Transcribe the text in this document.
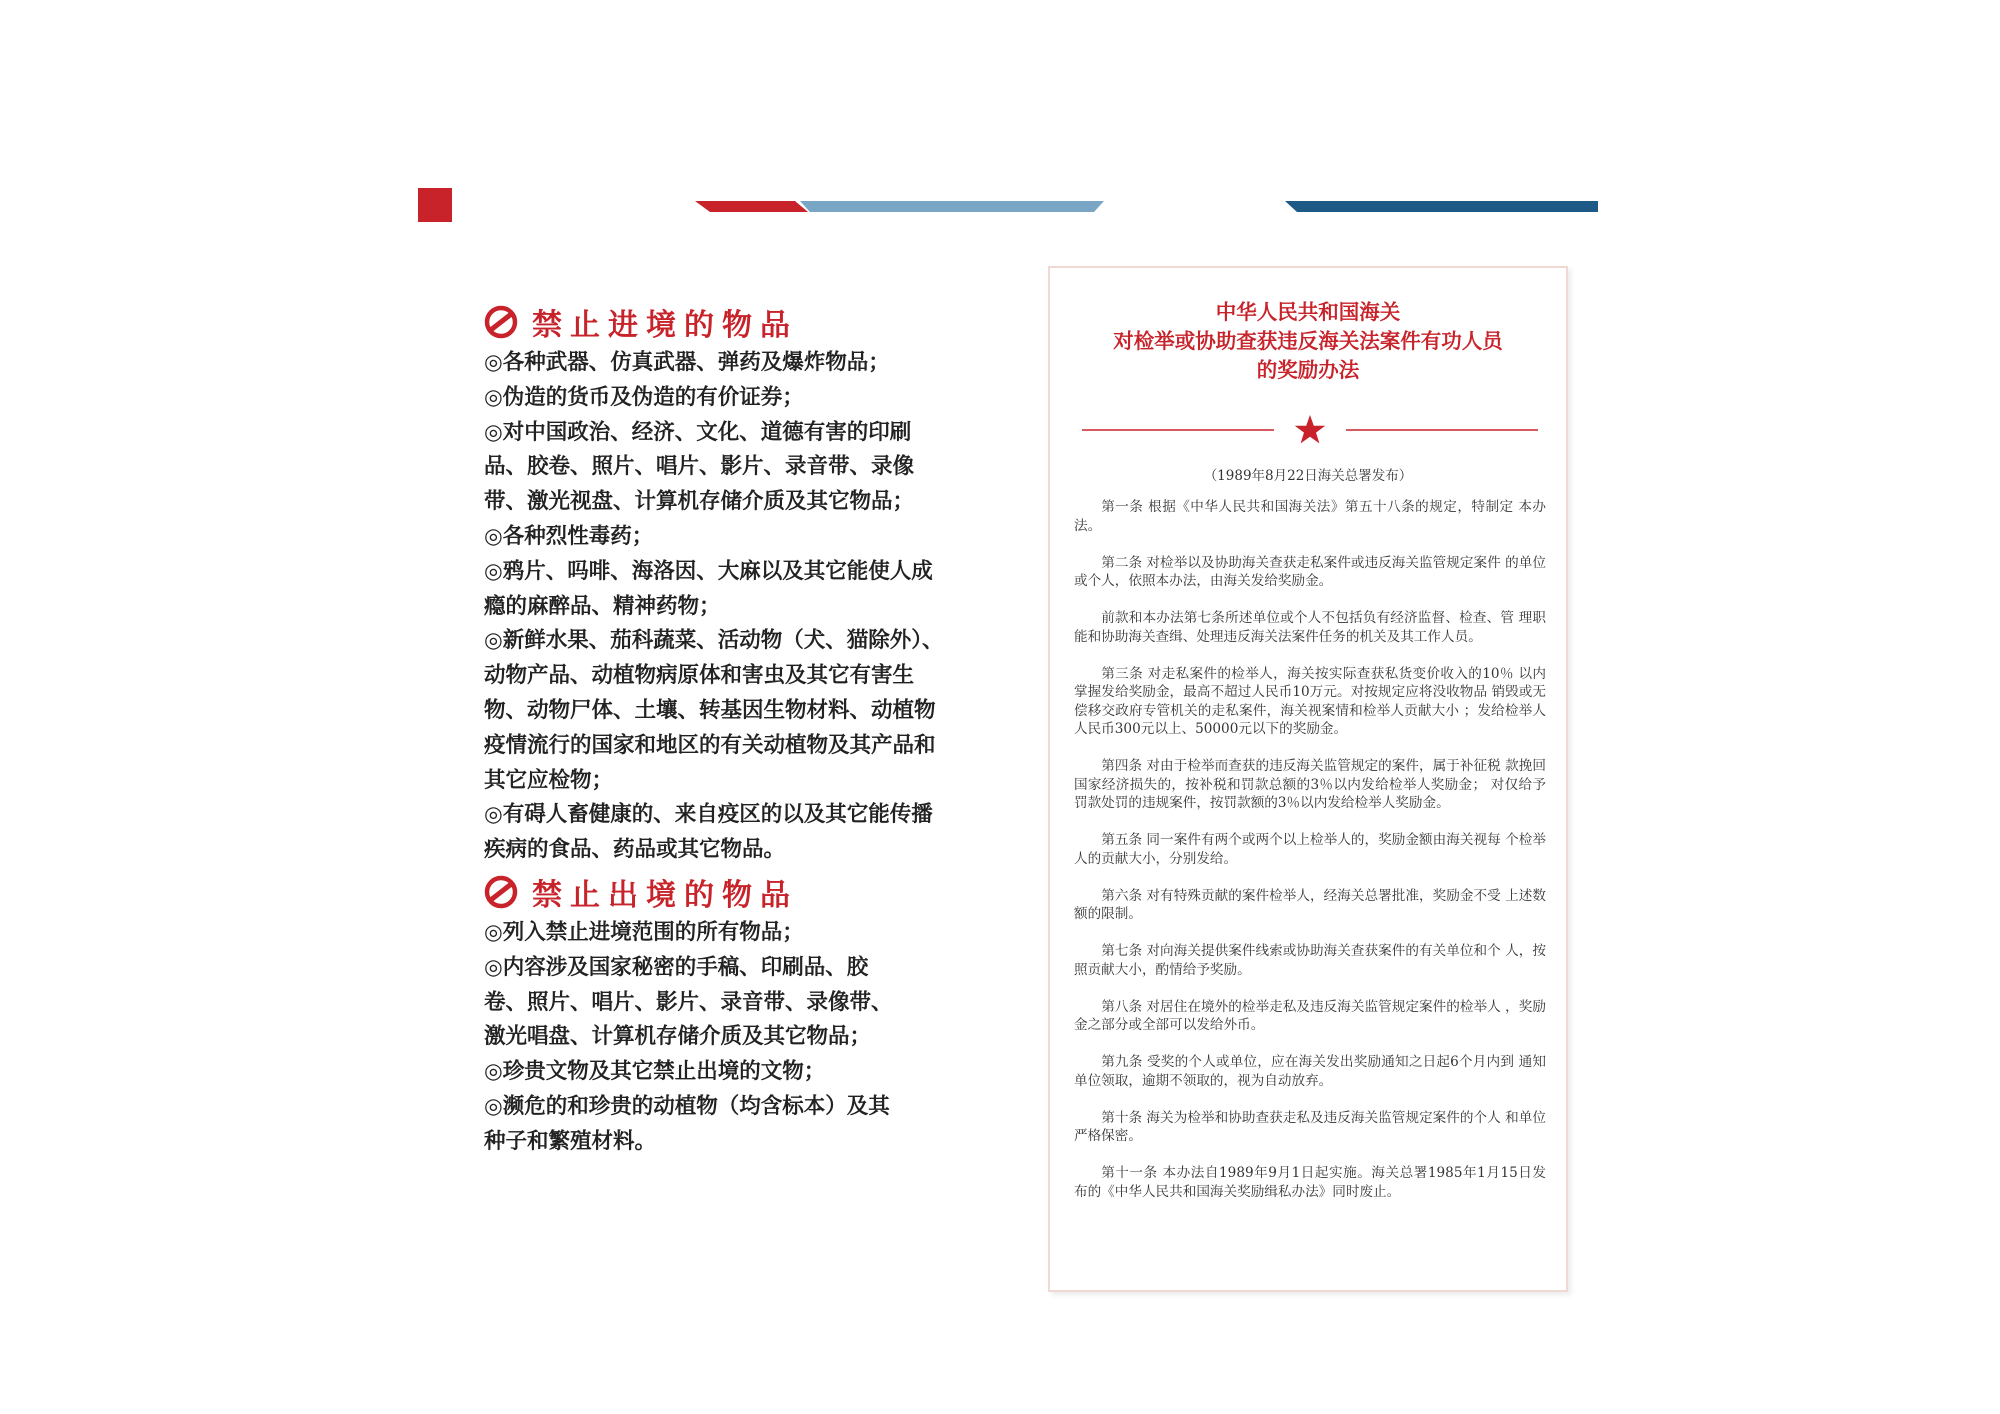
禁止进境的物品
◎各种武器、仿真武器、弹药及爆炸物品；
◎伪造的货币及伪造的有价证券；
◎对中国政治、经济、文化、道德有害的印刷品、胶卷、照片、唱片、影片、录音带、录像带、激光视盘、计算机存储介质及其它物品；
◎各种烈性毒药；
◎鸦片、吗啡、海洛因、大麻以及其它能使人成瘾的麻醉品、精神药物；
◎新鲜水果、茄科蔬菜、活动物（犬、猫除外）、动物产品、动植物病原体和害虫及其它有害生物、动物尸体、土壤、转基因生物材料、动植物疫情流行的国家和地区的有关动植物及其产品和其它应检物；
◎有碍人畜健康的、来自疫区的以及其它能传播疾病的食品、药品或其它物品。
禁止出境的物品
◎列入禁止进境范围的所有物品；
◎内容涉及国家秘密的手稿、印刷品、胶卷、照片、唱片、影片、录音带、录像带、激光唱盘、计算机存储介质及其它物品；
◎珍贵文物及其它禁止出境的文物；
◎濒危的和珍贵的动植物（均含标本）及其种子和繁殖材料。
中华人民共和国海关
对检举或协助查获违反海关法案件有功人员
的奖励办法
（1989年8月22日海关总署发布）

第一条 根据《中华人民共和国海关法》第五十八条的规定，特制定 本办法。

第二条 对检举以及协助海关查获走私案件或违反海关监管规定案件 的单位或个人，依照本办法，由海关发给奖励金。

前款和本办法第七条所述单位或个人不包括负有经济监督、检查、管 理职能和协助海关查缉、处理违反海关法案件任务的机关及其工作人员。

第三条 对走私案件的检举人，海关按实际查获私货变价收入的10％ 以内掌握发给奖励金，最高不超过人民币10万元。对按规定应将没收物品 销毁或无偿移交政府专管机关的走私案件，海关视案情和检举人贡献大小 ；发给检举人人民币300元以上、50000元以下的奖励金。

第四条 对由于检举而查获的违反海关监管规定的案件，属于补征税 款挽回国家经济损失的，按补税和罚款总额的3％以内发给检举人奖励金； 对仅给予罚款处罚的违规案件，按罚款额的3％以内发给检举人奖励金。

第五条 同一案件有两个或两个以上检举人的，奖励金额由海关视每 个检举人的贡献大小，分别发给。

第六条 对有特殊贡献的案件检举人，经海关总署批准，奖励金不受 上述数额的限制。

第七条 对向海关提供案件线索或协助海关查获案件的有关单位和个 人，按照贡献大小，酌情给予奖励。

第八条 对居住在境外的检举走私及违反海关监管规定案件的检举人 ，奖励金之部分或全部可以发给外币。

第九条 受奖的个人或单位，应在海关发出奖励通知之日起6个月内到 通知单位领取，逾期不领取的，视为自动放弃。

第十条 海关为检举和协助查获走私及违反海关监管规定案件的个人 和单位严格保密。

第十一条 本办法自1989年9月1日起实施。海关总署1985年1月15日发 布的《中华人民共和国海关奖励缉私办法》同时废止。
